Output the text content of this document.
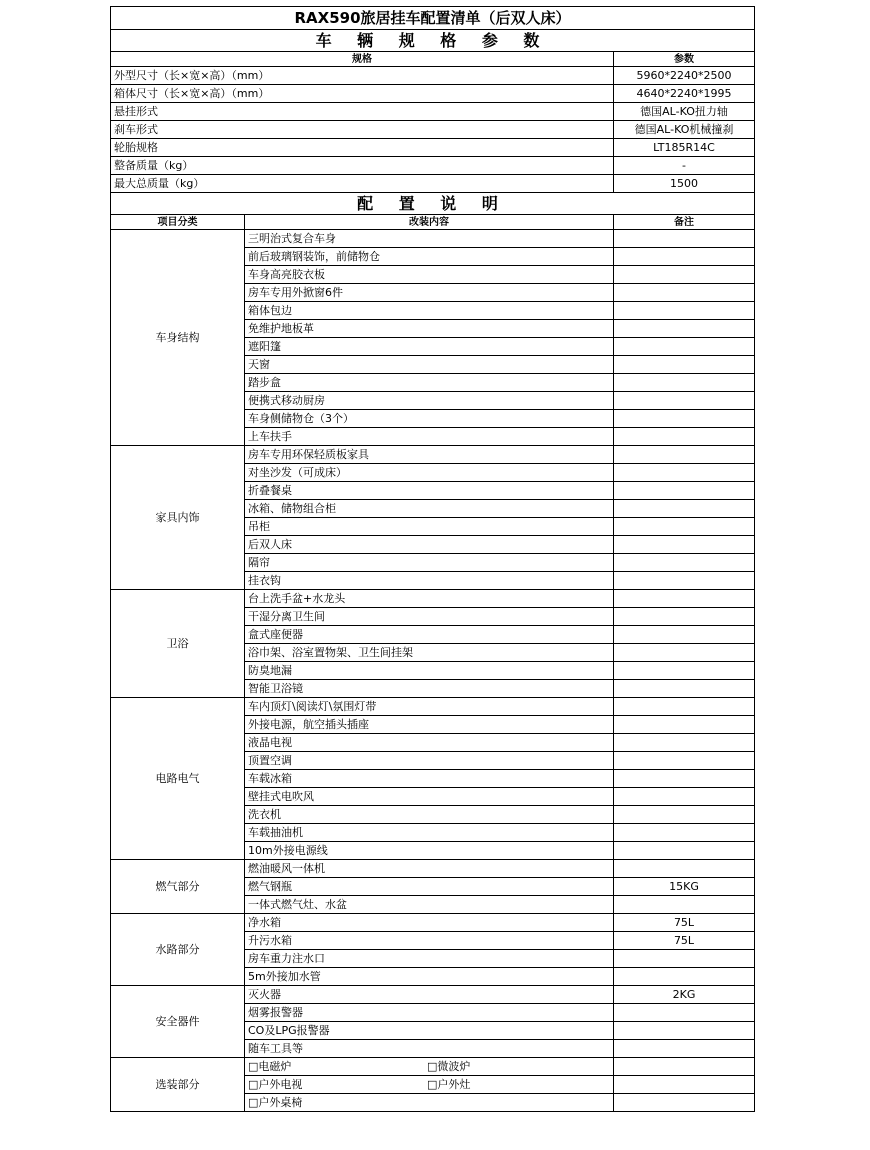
RAX590旅居挂车配置清单（后双人床）		
车 辆 规 格 参 数		
规格		参数
外型尺寸（长×宽×高）（mm）		5960*2240*2500
箱体尺寸（长×宽×高）（mm）		4640*2240*1995
悬挂形式		德国AL-KO扭力轴
刹车形式		德国AL-KO机械撞刹
轮胎规格		LT185R14C
整备质量（kg）		-
最大总质量（kg）		1500
配 置 说 明		
项目分类	改装内容	备注
车身结构	三明治式复合车身	
	前后玻璃钢装饰，前储物仓	
	车身高亮胶衣板	
	房车专用外掀窗6件	
	箱体包边	
	免维护地板革	
	遮阳篷	
	天窗	
	踏步盒	
	便携式移动厨房	
	车身侧储物仓（3个）	
	上车扶手	
家具内饰	房车专用环保轻质板家具	
	对坐沙发（可成床）	
	折叠餐桌	
	冰箱、储物组合柜	
	吊柜	
	后双人床	
	隔帘	
	挂衣钩	
卫浴	台上洗手盆+水龙头	
	干湿分离卫生间	
	盒式座便器	
	浴巾架、浴室置物架、卫生间挂架	
	防臭地漏	
	智能卫浴镜	
电路电气	车内顶灯\阅读灯\氛围灯带	
	外接电源，航空插头插座	
	液晶电视	
	顶置空调	
	车载冰箱	
	壁挂式电吹风	
	洗衣机	
	车载抽油机	
	10m外接电源线	
燃气部分	燃油暖风一体机	
	燃气钢瓶	15KG
	一体式燃气灶、水盆	
水路部分	净水箱	75L
	升污水箱	75L
	房车重力注水口	
	5m外接加水管	
安全器件	灭火器	2KG
	烟雾报警器	
	CO及LPG报警器	
	随车工具等	
选装部分	□电磁炉 □微波炉	

	□户外电视 □户外灶	

	□户外桌椅
